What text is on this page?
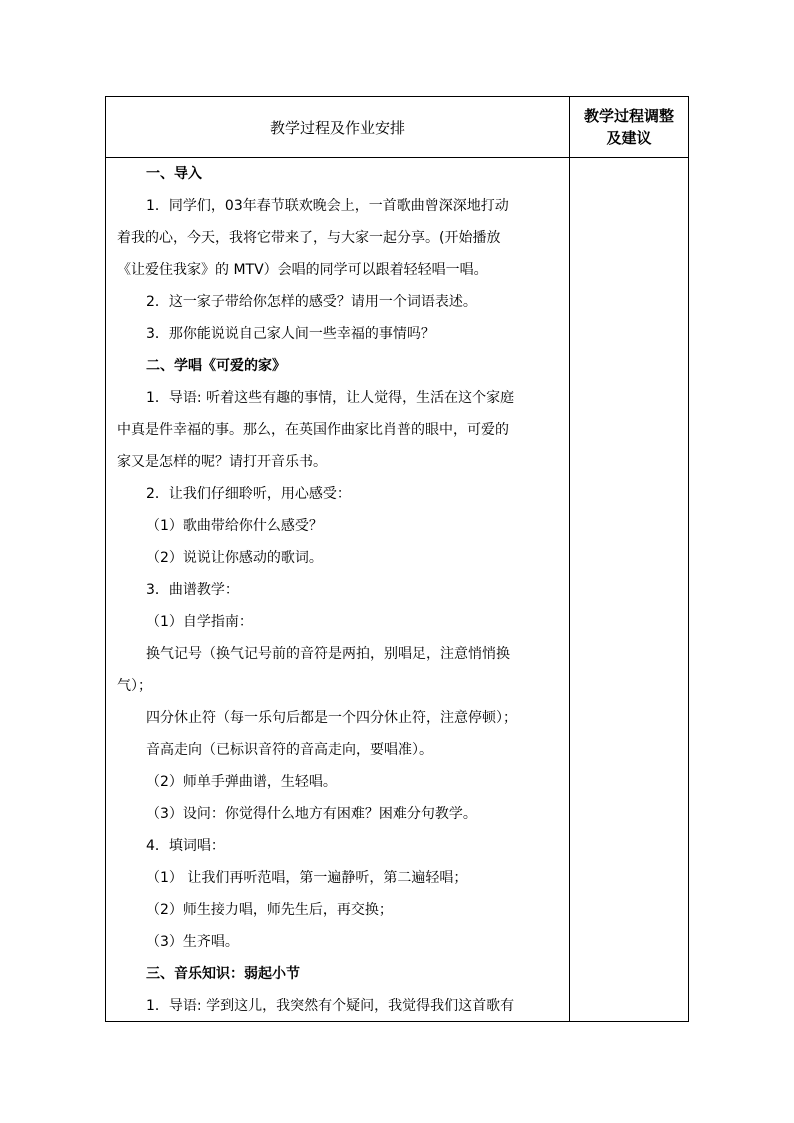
教学过程及作业安排
教学过程调整
及建议
一、导入
1．同学们，03年春节联欢晚会上，一首歌曲曾深深地打动
着我的心，今天，我将它带来了，与大家一起分享。(开始播放
《让爱住我家》的 MTV）会唱的同学可以跟着轻轻唱一唱。
2．这一家子带给你怎样的感受？请用一个词语表述。
3．那你能说说自己家人间一些幸福的事情吗？
二、学唱《可爱的家》
1．导语: 听着这些有趣的事情，让人觉得，生活在这个家庭
中真是件幸福的事。那么，在英国作曲家比肖普的眼中，可爱的
家又是怎样的呢？请打开音乐书。
2．让我们仔细聆听，用心感受：
（1）歌曲带给你什么感受？
（2）说说让你感动的歌词。
3．曲谱教学：
（1）自学指南：
换气记号（换气记号前的音符是两拍，别唱足，注意悄悄换
气）；
四分休止符（每一乐句后都是一个四分休止符，注意停顿）；
音高走向（已标识音符的音高走向，要唱准）。
（2）师单手弹曲谱，生轻唱。
（3）设问：你觉得什么地方有困难？困难分句教学。
4．填词唱：
（1） 让我们再听范唱，第一遍静听，第二遍轻唱；
（2）师生接力唱，师先生后，再交换；
（3）生齐唱。
三、音乐知识：弱起小节
1．导语: 学到这儿，我突然有个疑问，我觉得我们这首歌有
